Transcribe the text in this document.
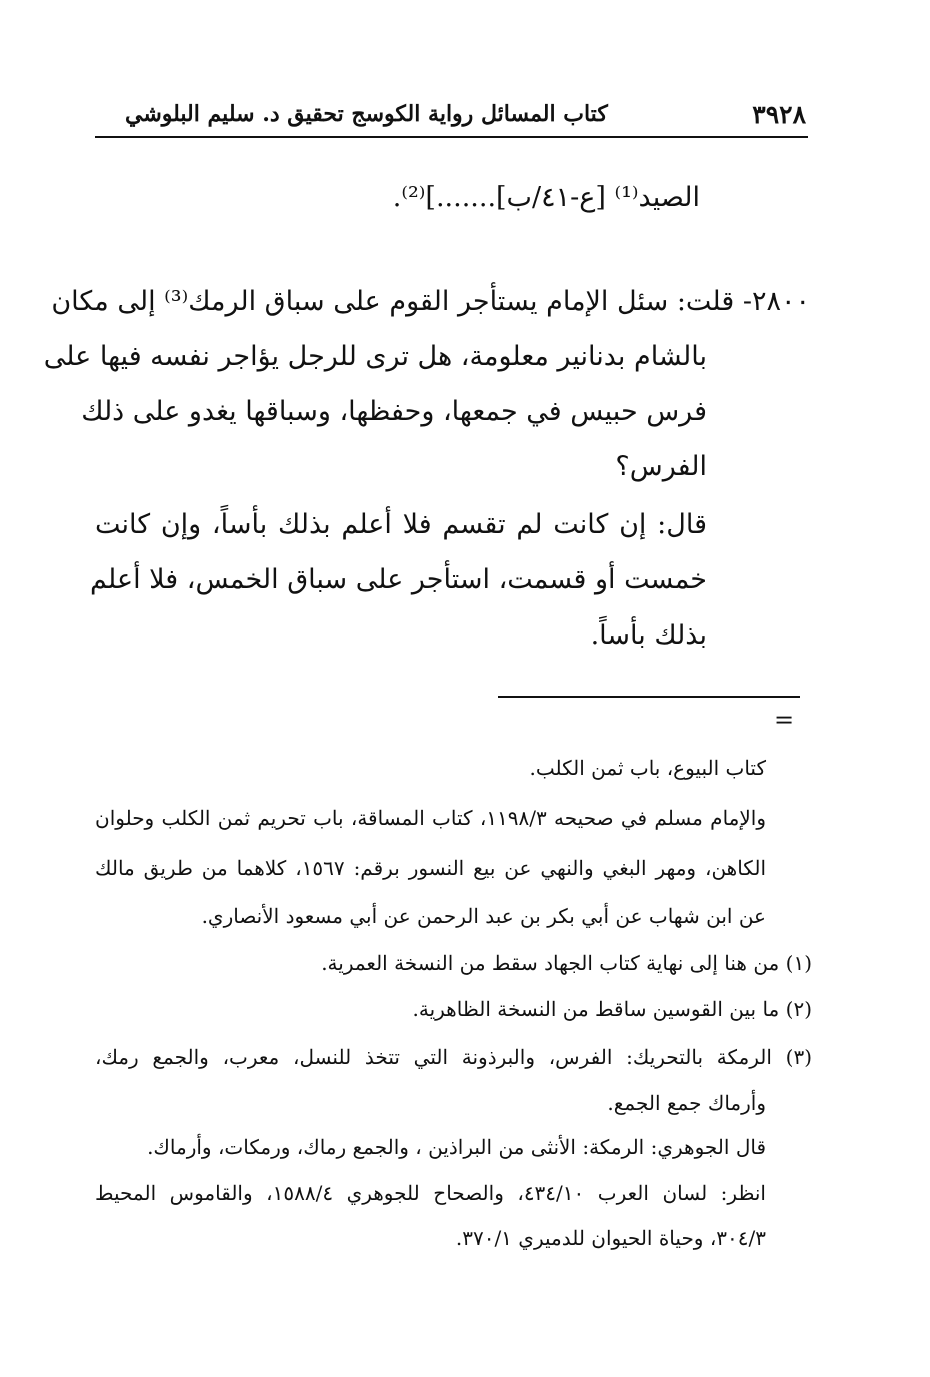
٣٩٢٨
كتاب المسائل رواية الكوسج تحقيق د. سليم البلوشي
الصيد⁽¹⁾ [ع-٤١/ب].......]⁽²⁾.
٢٨٠٠- قلت: سئل الإمام يستأجر القوم على سباق الرمك⁽³⁾ إلى مكان
بالشام بدنانير معلومة، هل ترى للرجل يؤاجر نفسه فيها على
فرس حبيس في جمعها، وحفظها، وسباقها يغدو على ذلك
الفرس؟
قال: إن كانت لم تقسم فلا أعلم بذلك بأساً، وإن كانت
خمست أو قسمت، استأجر على سباق الخمس، فلا أعلم
بذلك بأساً.
=
كتاب البيوع، باب ثمن الكلب.
والإمام مسلم في صحيحه ١١٩٨/٣، كتاب المساقة، باب تحريم ثمن الكلب وحلوان
الكاهن، ومهر البغي والنهي عن بيع النسور برقم: ١٥٦٧، كلاهما من طريق مالك
عن ابن شهاب عن أبي بكر بن عبد الرحمن عن أبي مسعود الأنصاري.
(١) من هنا إلى نهاية كتاب الجهاد سقط من النسخة العمرية.
(٢) ما بين القوسين ساقط من النسخة الظاهرية.
(٣) الرمكة بالتحريك: الفرس، والبرذونة التي تتخذ للنسل، معرب، والجمع رمك،
وأرماك جمع الجمع.
قال الجوهري: الرمكة: الأنثى من البراذين ، والجمع رماك، ورمكات، وأرماك.
انظر: لسان العرب ٤٣٤/١٠، والصحاح للجوهري ١٥٨٨/٤، والقاموس المحيط
٣٠٤/٣، وحياة الحيوان للدميري ٣٧٠/١.
